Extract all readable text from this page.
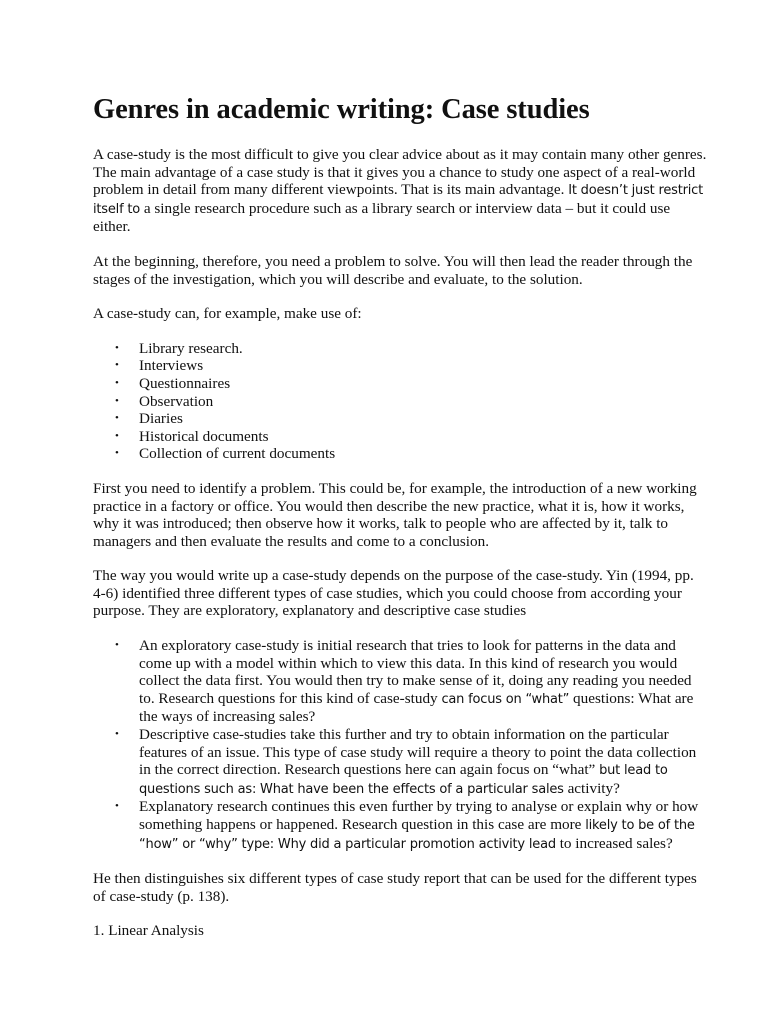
Genres in academic writing: Case studies

A case-study is the most difficult to give you clear advice about as it may contain many other genres. The main advantage of a case study is that it gives you a chance to study one aspect of a real-world problem in detail from many different viewpoints. That is its main advantage. It doesn’t just restrict itself to a single research procedure such as a library search or interview data – but it could use either.

At the beginning, therefore, you need a problem to solve. You will then lead the reader through the stages of the investigation, which you will describe and evaluate, to the solution.

A case-study can, for example, make use of:

• Library research.
• Interviews
• Questionnaires
• Observation
• Diaries
• Historical documents
• Collection of current documents

First you need to identify a problem. This could be, for example, the introduction of a new working practice in a factory or office. You would then describe the new practice, what it is, how it works, why it was introduced; then observe how it works, talk to people who are affected by it, talk to managers and then evaluate the results and come to a conclusion.

The way you would write up a case-study depends on the purpose of the case-study. Yin (1994, pp. 4-6) identified three different types of case studies, which you could choose from according your purpose. They are exploratory, explanatory and descriptive case studies

• An exploratory case-study is initial research that tries to look for patterns in the data and come up with a model within which to view this data. In this kind of research you would collect the data first. You would then try to make sense of it, doing any reading you needed to. Research questions for this kind of case-study can focus on “what” questions: What are the ways of increasing sales?
• Descriptive case-studies take this further and try to obtain information on the particular features of an issue. This type of case study will require a theory to point the data collection in the correct direction. Research questions here can again focus on “what” but lead to questions such as: What have been the effects of a particular sales activity?
• Explanatory research continues this even further by trying to analyse or explain why or how something happens or happened. Research question in this case are more likely to be of the “how” or “why” type: Why did a particular promotion activity lead to increased sales?

He then distinguishes six different types of case study report that can be used for the different types of case-study (p. 138).

1. Linear Analysis
